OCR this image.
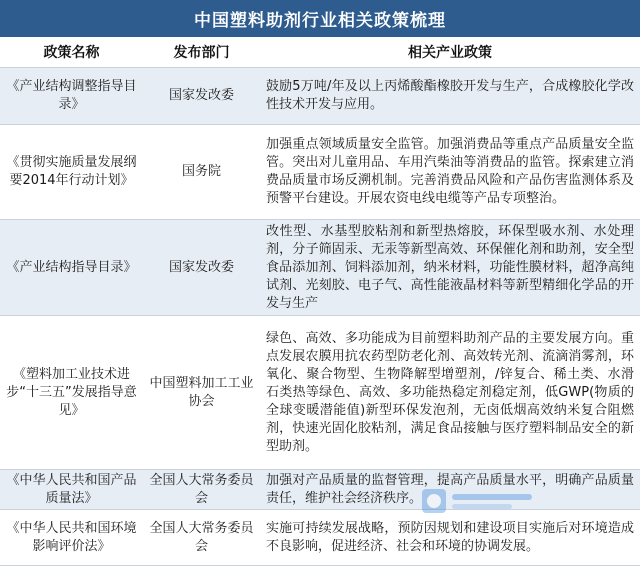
中国塑料助剂行业相关政策梳理
政策名称	发布部门	相关产业政策
《产业结构调整指导目录》	国家发改委	鼓励5万吨/年及以上丙烯酸酯橡胶开发与生产，合成橡胶化学改性技术开发与应用。
《贯彻实施质量发展纲要2014年行动计划》	国务院	加强重点领域质量安全监管。加强消费品等重点产品质量安全监管。突出对儿童用品、车用汽柴油等消费品的监管。探索建立消费品质量市场反溯机制。完善消费品风险和产品伤害监测体系及预警平台建设。开展农资电线电缆等产品专项整治。
《产业结构指导目录》	国家发改委	改性型、水基型胶粘剂和新型热熔胶，环保型吸水剂、水处理剂，分子筛固汞、无汞等新型高效、环保催化剂和助剂，安全型食品添加剂、饲料添加剂，纳米材料，功能性膜材料，超净高纯试剂、光刻胶、电子气、高性能液晶材料等新型精细化学品的开发与生产
《塑料加工业技术进步“十三五”发展指导意见》	中国塑料加工工业协会	绿色、高效、多功能成为目前塑料助剂产品的主要发展方向。重点发展农膜用抗农药型防老化剂、高效转光剂、流滴消雾剂，环氧化、聚合物型、生物降解型增塑剂，/锌复合、稀土类、水滑石类热等绿色、高效、多功能热稳定剂稳定剂，低GWP(物质的全球变暖潜能值)新型环保发泡剂，无卤低烟高效纳米复合阻燃剂，快速光固化胶粘剂，满足食品接触与医疗塑料制品安全的新型助剂。
《中华人民共和国产品质量法》	全国人大常务委员会	加强对产品质量的监督管理，提高产品质量水平，明确产品质量责任，维护社会经济秩序。
《中华人民共和国环境影响评价法》	全国人大常务委员会	实施可持续发展战略，预防因规划和建设项目实施后对环境造成不良影响，促进经济、社会和环境的协调发展。
